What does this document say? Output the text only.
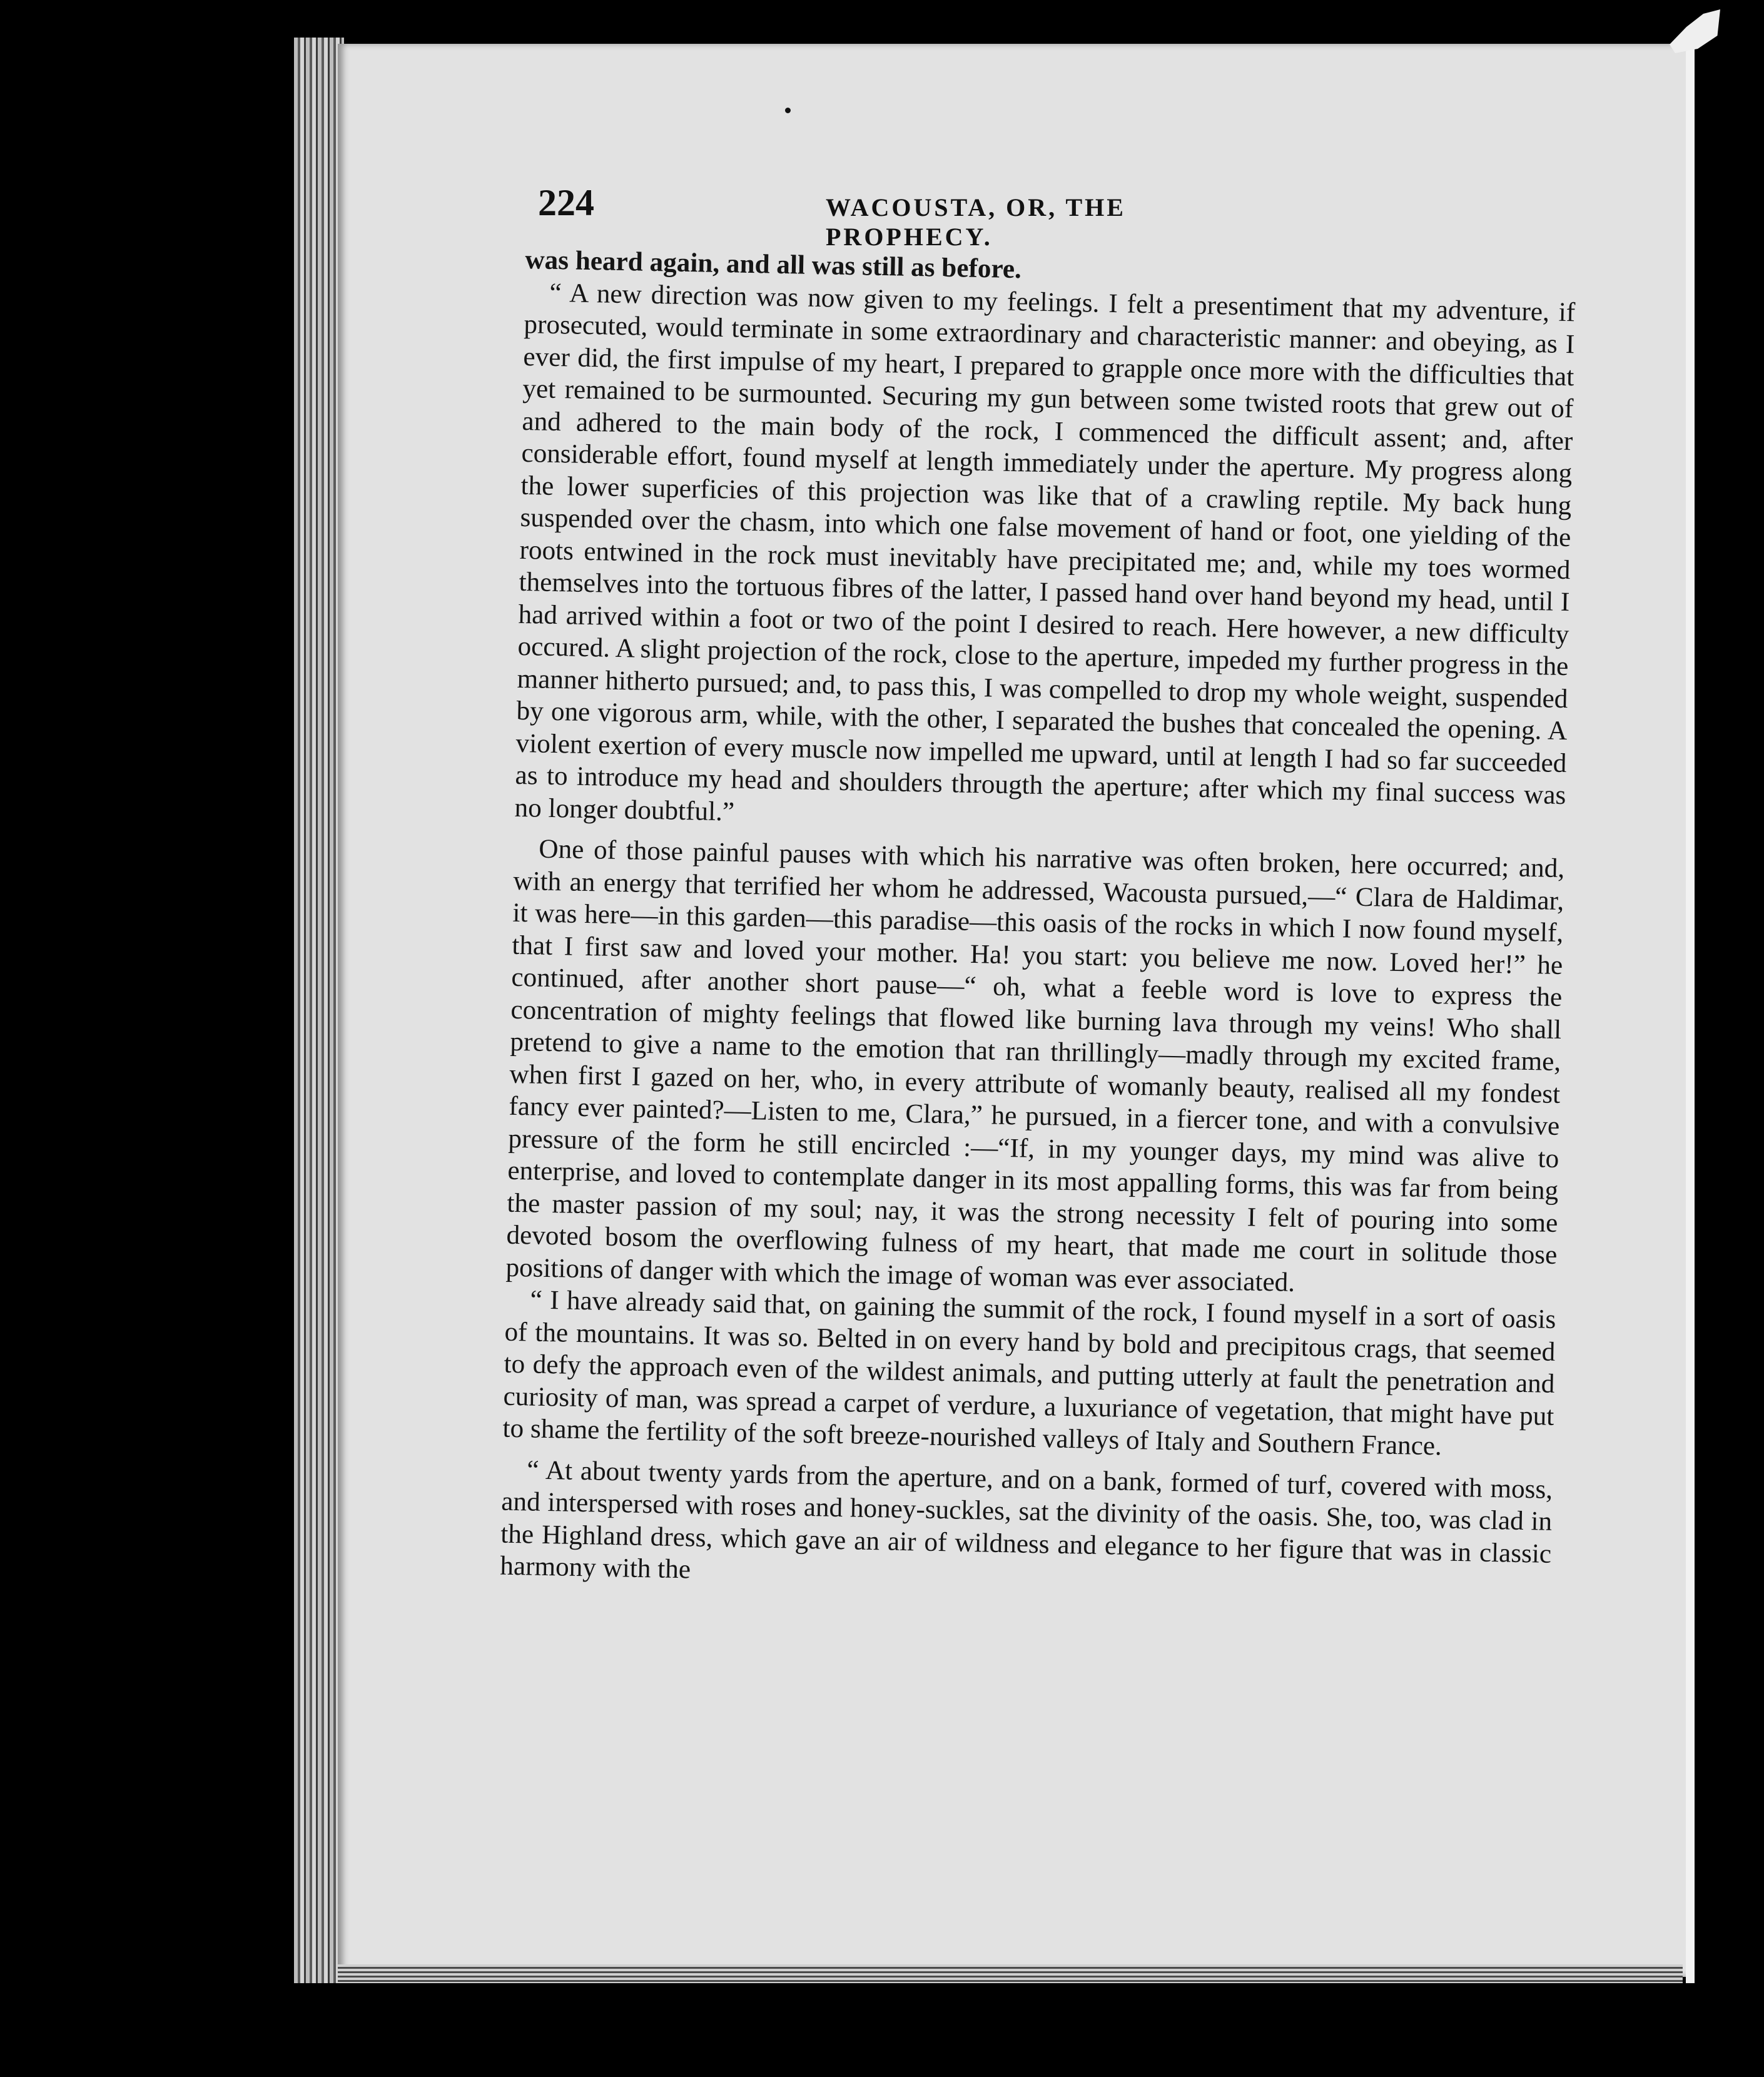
224	WACOUSTA, OR, THE PROPHECY.

was heard again, and all was still as before.

“ A new direction was now given to my feelings. I felt a presentiment that my adventure, if prosecuted, would terminate in some extraordinary and characteristic manner: and obeying, as I ever did, the first impulse of my heart, I prepared to grapple once more with the difficulties that yet remained to be surmounted. Securing my gun between some twisted roots that grew out of and adhered to the main body of the rock, I commenced the difficult assent; and, after considerable effort, found myself at length immediately under the aperture. My progress along the lower superficies of this projection was like that of a crawling reptile. My back hung suspended over the chasm, into which one false movement of hand or foot, one yielding of the roots entwined in the rock must inevitably have precipitated me; and, while my toes wormed themselves into the tortuous fibres of the latter, I passed hand over hand beyond my head, until I had arrived within a foot or two of the point I desired to reach. Here however, a new difficulty occured. A slight projection of the rock, close to the aperture, impeded my further progress in the manner hitherto pursued; and, to pass this, I was compelled to drop my whole weight, suspended by one vigorous arm, while, with the other, I separated the bushes that concealed the opening. A violent exertion of every muscle now impelled me upward, until at length I had so far succeeded as to introduce my head and shoulders througth the aperture; after which my final success was no longer doubtful.”

One of those painful pauses with which his narrative was often broken, here occurred; and, with an energy that terrified her whom he addressed, Wacousta pursued,—“ Clara de Haldimar, it was here—in this garden—this paradise—this oasis of the rocks in which I now found myself, that I first saw and loved your mother. Ha! you start: you believe me now. Loved her!” he continued, after another short pause—“ oh, what a feeble word is love to express the concentration of mighty feelings that flowed like burning lava through my veins! Who shall pretend to give a name to the emotion that ran thrillingly—madly through my excited frame, when first I gazed on her, who, in every attribute of womanly beauty, realised all my fondest fancy ever painted?—Listen to me, Clara,” he pursued, in a fiercer tone, and with a convulsive pressure of the form he still encircled :—“If, in my younger days, my mind was alive to enterprise, and loved to contemplate danger in its most appalling forms, this was far from being the master passion of my soul; nay, it was the strong necessity I felt of pouring into some devoted bosom the overflowing fulness of my heart, that made me court in solitude those positions of danger with which the image of woman was ever associated.

“ I have already said that, on gaining the summit of the rock, I found myself in a sort of oasis of the mountains. It was so. Belted in on every hand by bold and precipitous crags, that seemed to defy the approach even of the wildest animals, and putting utterly at fault the penetration and curiosity of man, was spread a carpet of verdure, a luxuriance of vegetation, that might have put to shame the fertility of the soft breeze-nourished valleys of Italy and Southern France.

“ At about twenty yards from the aperture, and on a bank, formed of turf, covered with moss, and interspersed with roses and honey-suckles, sat the divinity of the oasis. She, too, was clad in the Highland dress, which gave an air of wildness and elegance to her figure that was in classic harmony with the
